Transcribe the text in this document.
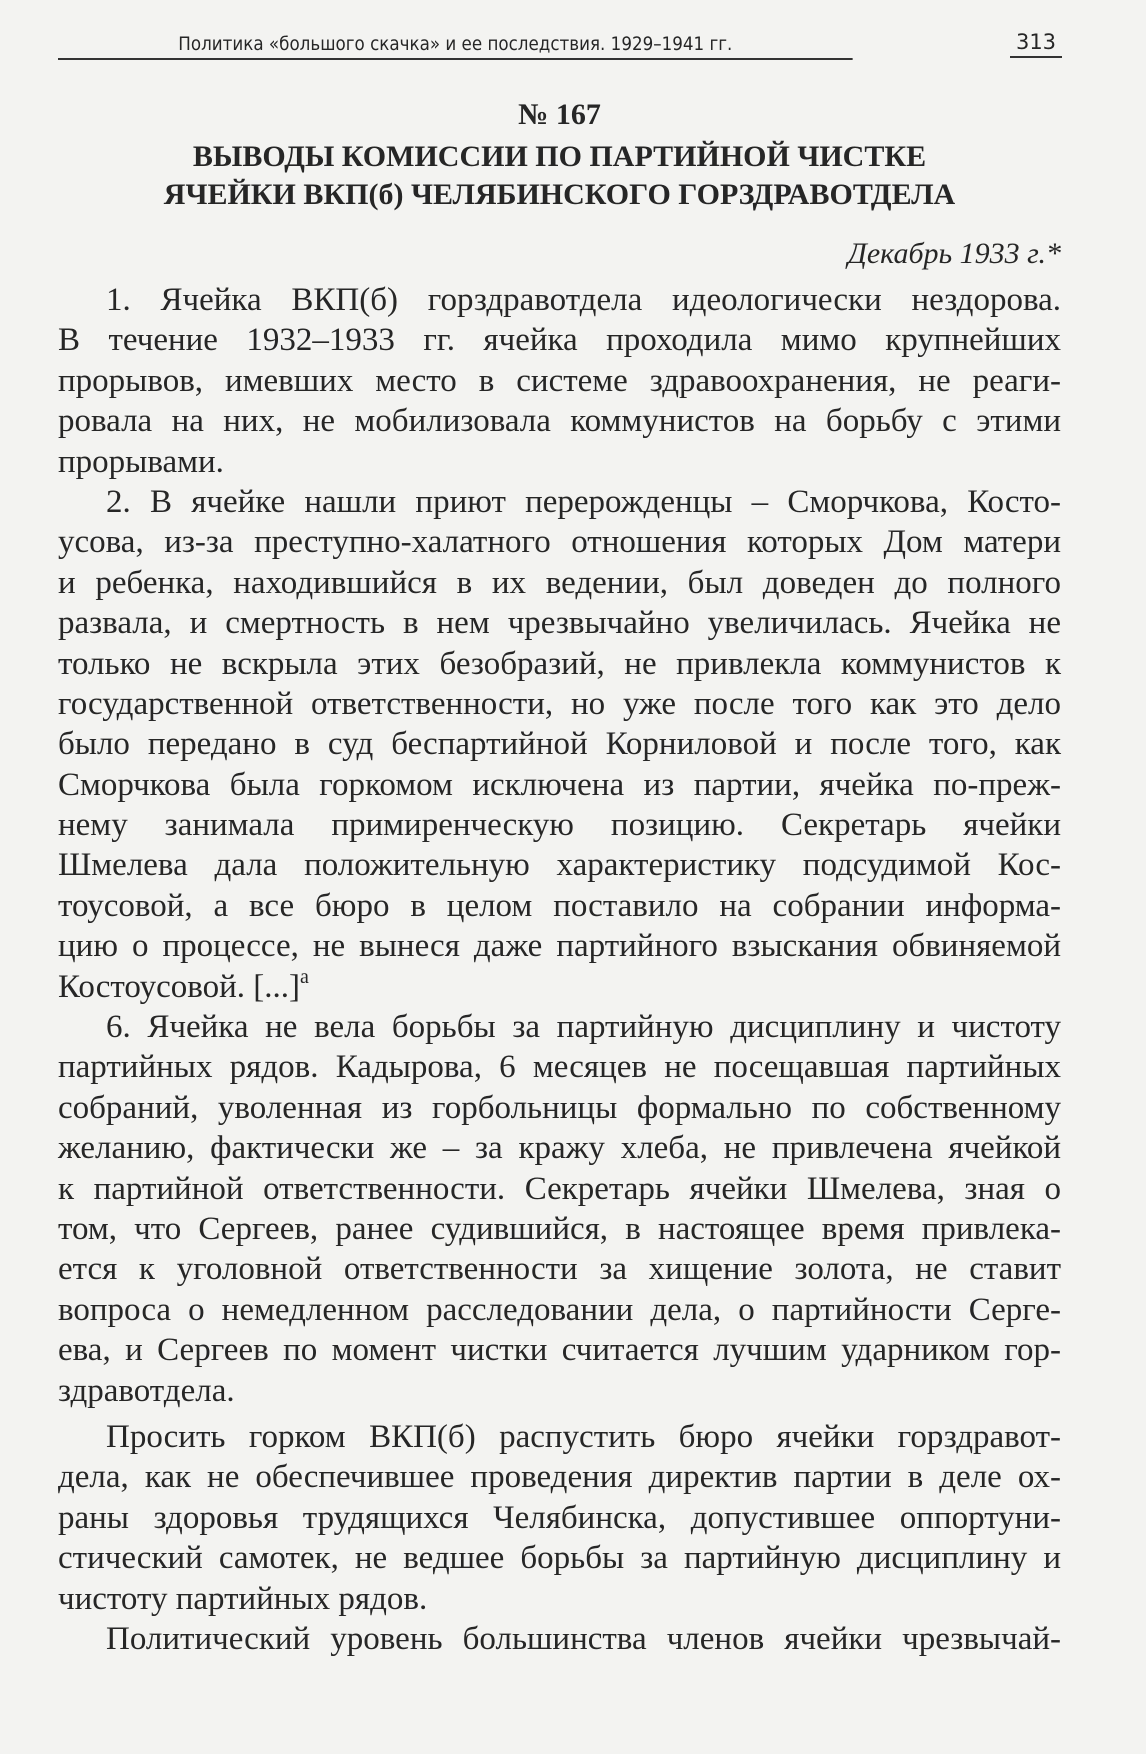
Политика «большого скачка» и ее последствия. 1929–1941 гг.	313
№ 167
ВЫВОДЫ КОМИССИИ ПО ПАРТИЙНОЙ ЧИСТКЕ
ЯЧЕЙКИ ВКП(б) ЧЕЛЯБИНСКОГО ГОРЗДРАВОТДЕЛА
Декабрь 1933 г.*
1. Ячейка ВКП(б) горздравотдела идеологически нездорова.
В течение 1932–1933 гг. ячейка проходила мимо крупнейших
прорывов, имевших место в системе здравоохранения, не реаги-
ровала на них, не мобилизовала коммунистов на борьбу с этими
прорывами.
2. В ячейке нашли приют перерожденцы – Сморчкова, Косто-
усова, из-за преступно-халатного отношения которых Дом матери
и ребенка, находившийся в их ведении, был доведен до полного
развала, и смертность в нем чрезвычайно увеличилась. Ячейка не
только не вскрыла этих безобразий, не привлекла коммунистов к
государственной ответственности, но уже после того как это дело
было передано в суд беспартийной Корниловой и после того, как
Сморчкова была горкомом исключена из партии, ячейка по-преж-
нему занимала примиренческую позицию. Секретарь ячейки
Шмелева дала положительную характеристику подсудимой Кос-
тоусовой, а все бюро в целом поставило на собрании информа-
цию о процессе, не вынеся даже партийного взыскания обвиняемой
Костоусовой. [...]$^а$
6. Ячейка не вела борьбы за партийную дисциплину и чистоту
партийных рядов. Кадырова, 6 месяцев не посещавшая партийных
собраний, уволенная из горбольницы формально по собственному
желанию, фактически же – за кражу хлеба, не привлечена ячейкой
к партийной ответственности. Секретарь ячейки Шмелева, зная о
том, что Сергеев, ранее судившийся, в настоящее время привлека-
ется к уголовной ответственности за хищение золота, не ставит
вопроса о немедленном расследовании дела, о партийности Серге-
ева, и Сергеев по момент чистки считается лучшим ударником гор-
здравотдела.
Просить горком ВКП(б) распустить бюро ячейки горздравот-
дела, как не обеспечившее проведения директив партии в деле ох-
раны здоровья трудящихся Челябинска, допустившее оппортуни-
стический самотек, не ведшее борьбы за партийную дисциплину и
чистоту партийных рядов.
Политический уровень большинства членов ячейки чрезвычай-
